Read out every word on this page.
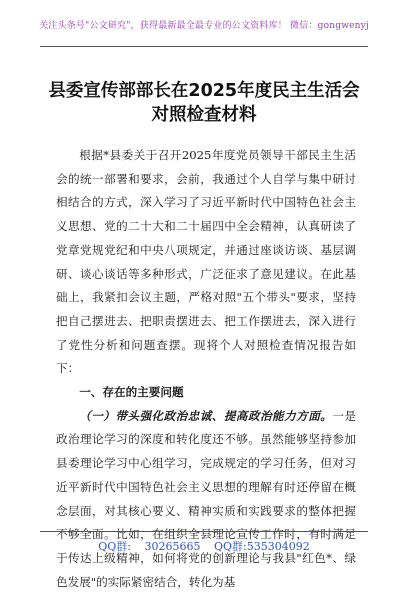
关注头条号"公文研究"，获得最新最全最专业的公文资料库！ 微信：gongwenyj
县委宣传部部长在2025年度民主生活会
对照检查材料

根据*县委关于召开2025年度党员领导干部民主生活会的统一部署和要求，会前，我通过个人自学与集中研讨相结合的方式，深入学习了习近平新时代中国特色社会主义思想、党的二十大和二十届四中全会精神，认真研读了党章党规党纪和中央八项规定，并通过座谈访谈、基层调研、谈心谈话等多种形式，广泛征求了意见建议。在此基础上，我紧扣会议主题，严格对照"五个带头"要求，坚持把自己摆进去、把职责摆进去、把工作摆进去，深入进行了党性分析和问题查摆。现将个人对照检查情况报告如下：

一、存在的主要问题

（一）带头强化政治忠诚、提高政治能力方面。一是政治理论学习的深度和转化度还不够。虽然能够坚持参加县委理论学习中心组学习，完成规定的学习任务，但对习近平新时代中国特色社会主义思想的理解有时还停留在概念层面，对其核心要义、精神实质和实践要求的整体把握不够全面。比如，在组织全县理论宣传工作时，有时满足于传达上级精神，如何将党的创新理论与我县"红色*、绿色发展"的实际紧密结合，转化为基

QQ群: 30265665 QQ群:535304092
